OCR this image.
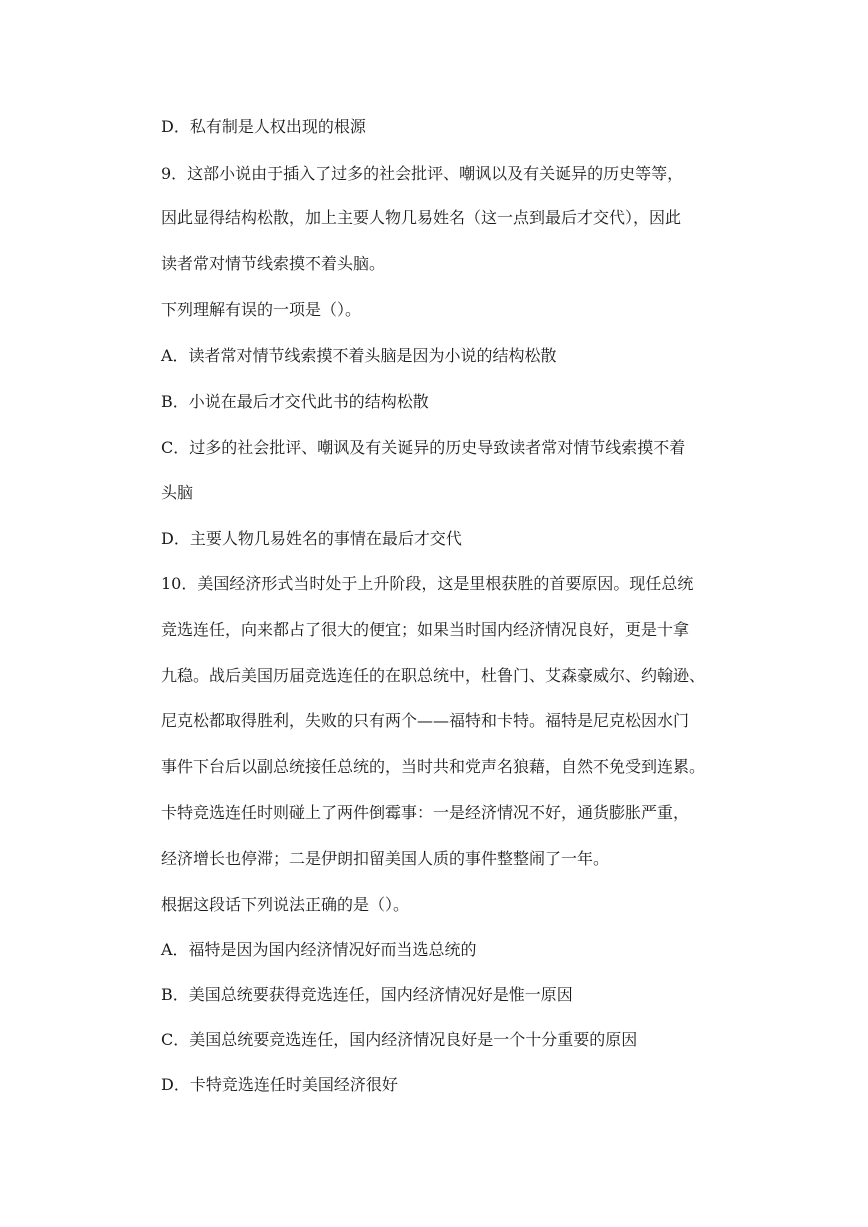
D．私有制是人权出现的根源
9．这部小说由于插入了过多的社会批评、嘲讽以及有关诞异的历史等等，
因此显得结构松散，加上主要人物几易姓名（这一点到最后才交代），因此
读者常对情节线索摸不着头脑。
下列理解有误的一项是（）。
A．读者常对情节线索摸不着头脑是因为小说的结构松散
B．小说在最后才交代此书的结构松散
C．过多的社会批评、嘲讽及有关诞异的历史导致读者常对情节线索摸不着
头脑
D．主要人物几易姓名的事情在最后才交代
10．美国经济形式当时处于上升阶段，这是里根获胜的首要原因。现任总统
竞选连任，向来都占了很大的便宜；如果当时国内经济情况良好，更是十拿
九稳。战后美国历届竞选连任的在职总统中，杜鲁门、艾森豪威尔、约翰逊、
尼克松都取得胜利，失败的只有两个——福特和卡特。福特是尼克松因水门
事件下台后以副总统接任总统的，当时共和党声名狼藉，自然不免受到连累。
卡特竞选连任时则碰上了两件倒霉事：一是经济情况不好，通货膨胀严重，
经济增长也停滞；二是伊朗扣留美国人质的事件整整闹了一年。
根据这段话下列说法正确的是（）。
A．福特是因为国内经济情况好而当选总统的
B．美国总统要获得竞选连任，国内经济情况好是惟一原因
C．美国总统要竞选连任，国内经济情况良好是一个十分重要的原因
D．卡特竞选连任时美国经济很好
